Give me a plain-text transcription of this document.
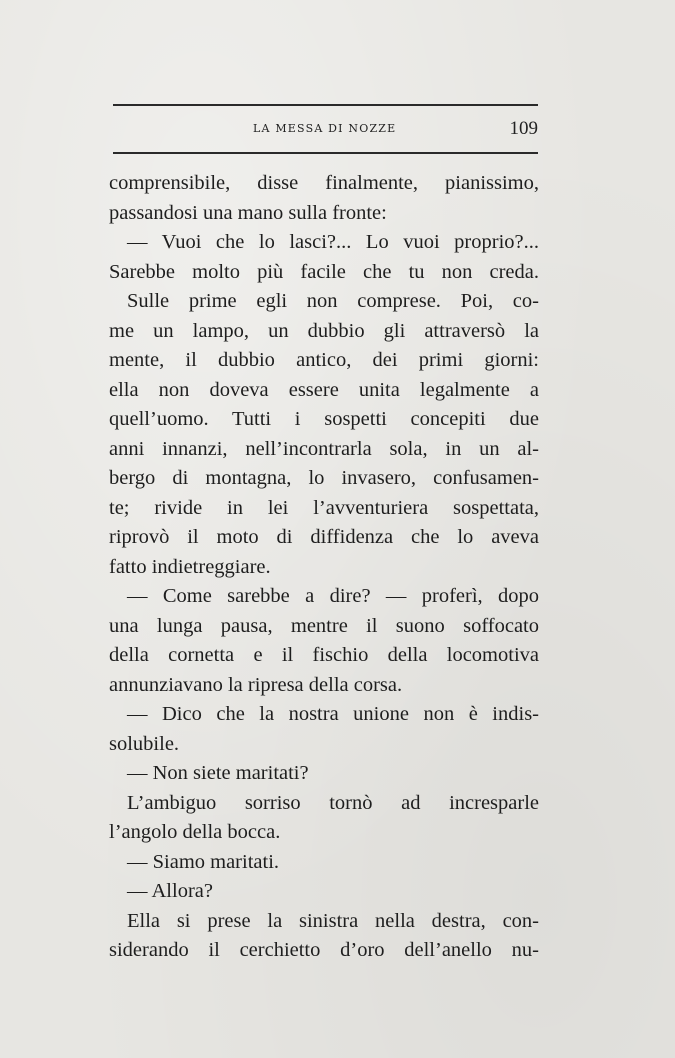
LA MESSA DI NOZZE	109
comprensibile, disse finalmente, pianissimo,
passandosi una mano sulla fronte:
— Vuoi che lo lasci?... Lo vuoi proprio?...
Sarebbe molto più facile che tu non creda.
Sulle prime egli non comprese. Poi, co-
me un lampo, un dubbio gli attraversò la
mente, il dubbio antico, dei primi giorni:
ella non doveva essere unita legalmente a
quell’uomo. Tutti i sospetti concepiti due
anni innanzi, nell’incontrarla sola, in un al-
bergo di montagna, lo invasero, confusamen-
te; rivide in lei l’avventuriera sospettata,
riprovò il moto di diffidenza che lo aveva
fatto indietreggiare.
— Come sarebbe a dire? — proferì, dopo
una lunga pausa, mentre il suono soffocato
della cornetta e il fischio della locomotiva
annunziavano la ripresa della corsa.
— Dico che la nostra unione non è indis-
solubile.
— Non siete maritati?
L’ambiguo sorriso tornò ad incresparle
l’angolo della bocca.
— Siamo maritati.
— Allora?
Ella si prese la sinistra nella destra, con-
siderando il cerchietto d’oro dell’anello nu-
